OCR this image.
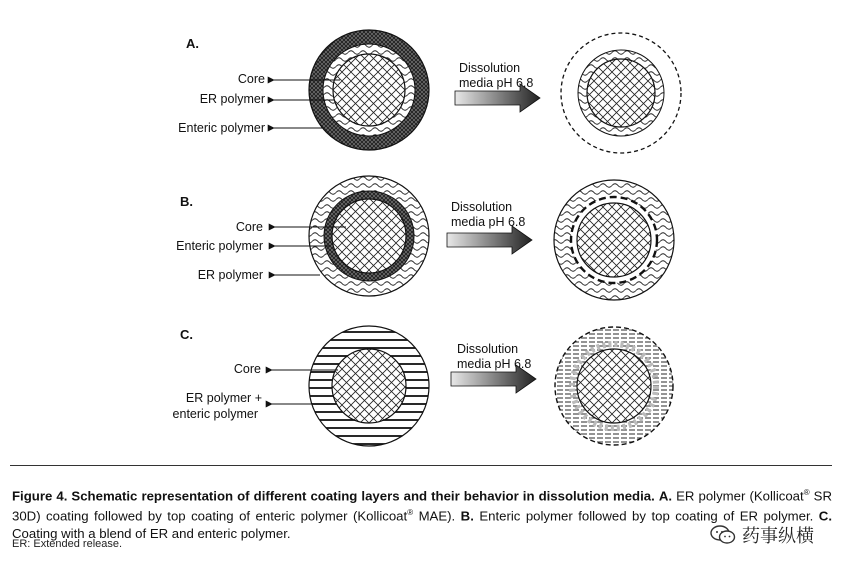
A.
Core
ER polymer
Enteric polymer
Dissolution
media pH 6.8
B.
Core
Enteric polymer
ER polymer
Dissolution
media pH 6.8
C.
Core
ER polymer +
enteric polymer
Dissolution
media pH 6.8
Figure 4. Schematic representation of different coating layers and their behavior in dissolution media. A. ER polymer (Kollicoat® SR 30D) coating followed by top coating of enteric polymer (Kollicoat® MAE). B. Enteric polymer followed by top coating of ER polymer. C. Coating with a blend of ER and enteric polymer.
ER: Extended release.	药事纵横
